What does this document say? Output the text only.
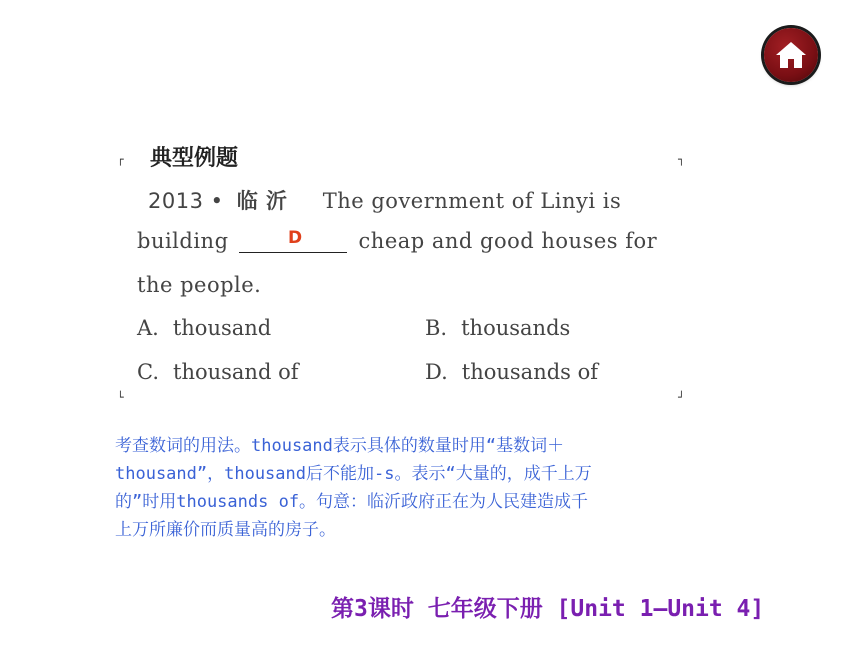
┌	┐
└	┘
典型例题
2013 • 临 沂 The government of Linyi is
building	cheap and good houses for
D
the people.
A. thousand	B. thousands
C. thousand of	D. thousands of
考查数词的用法。thousand表示具体的数量时用“基数词＋
thousand”，thousand后不能加-s。表示“大量的，成千上万
的”时用thousands of。句意：临沂政府正在为人民建造成千
上万所廉价而质量高的房子。
第3课时 七年级下册 [Unit 1—Unit 4]
